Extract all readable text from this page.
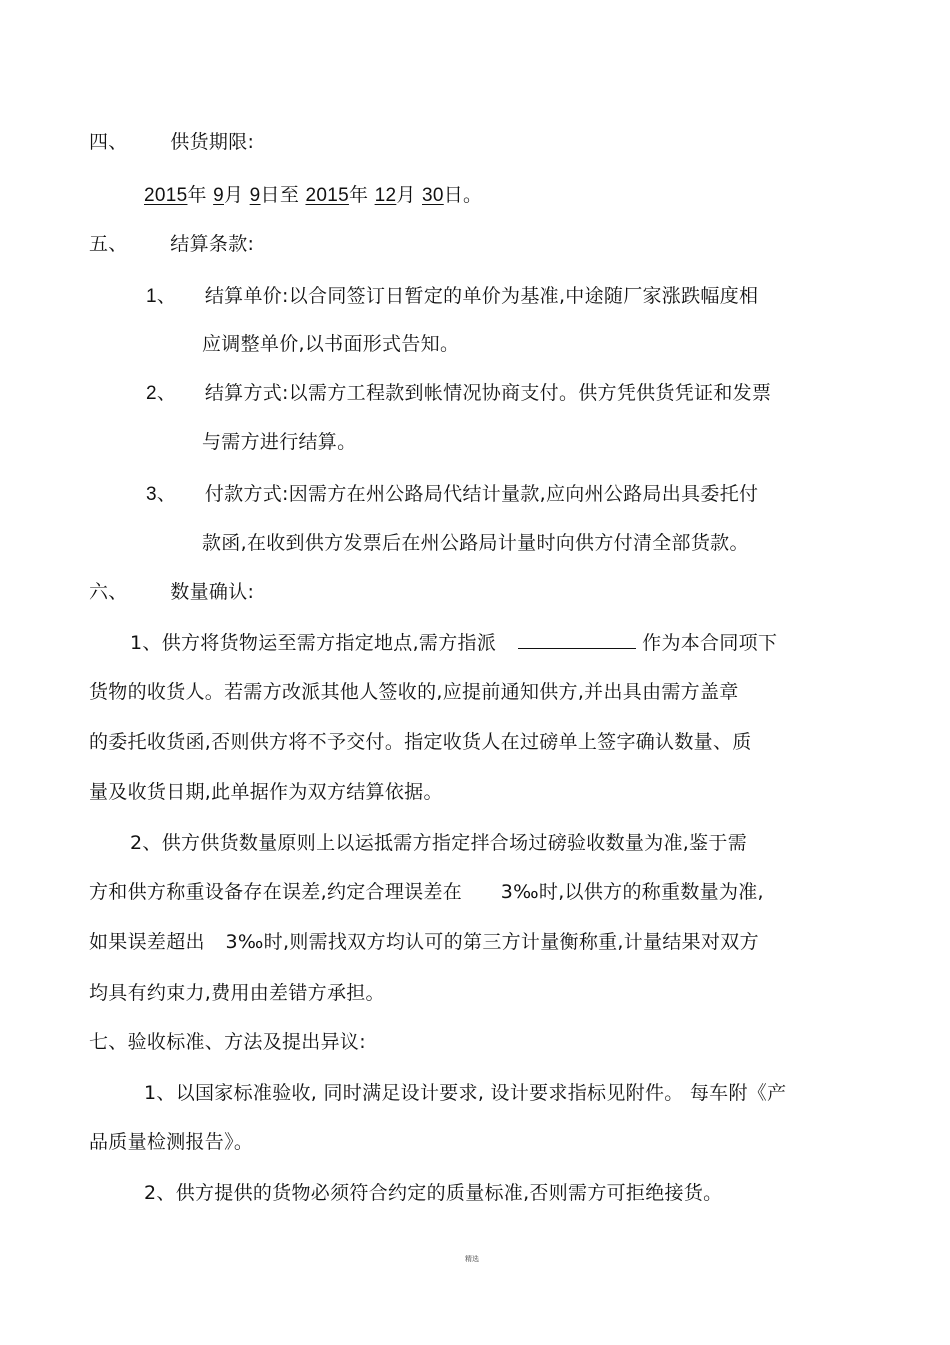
四、 供货期限:
2015年 9月 9日至 2015年 12月 30日。
五、 结算条款:
1、 结算单价:以合同签订日暂定的单价为基准,中途随厂家涨跌幅度相
应调整单价,以书面形式告知。
2、 结算方式:以需方工程款到帐情况协商支付。供方凭供货凭证和发票
与需方进行结算。
3、 付款方式:因需方在州公路局代结计量款,应向州公路局出具委托付
款函,在收到供方发票后在州公路局计量时向供方付清全部货款。
六、 数量确认:
1、供方将货物运至需方指定地点,需方指派	作为本合同项下
货物的收货人。若需方改派其他人签收的,应提前通知供方,并出具由需方盖章
的委托收货函,否则供方将不予交付。指定收货人在过磅单上签字确认数量、质
量及收货日期,此单据作为双方结算依据。
2、供方供货数量原则上以运抵需方指定拌合场过磅验收数量为准,鉴于需
方和供方称重设备存在误差,约定合理误差在 3‰时,以供方的称重数量为准,
如果误差超出 3‰时,则需找双方均认可的第三方计量衡称重,计量结果对双方
均具有约束力,费用由差错方承担。
七、验收标准、方法及提出异议:
1、以国家标准验收, 同时满足设计要求, 设计要求指标见附件。 每车附《产
品质量检测报告》。
2、供方提供的货物必须符合约定的质量标准,否则需方可拒绝接货。
精选
